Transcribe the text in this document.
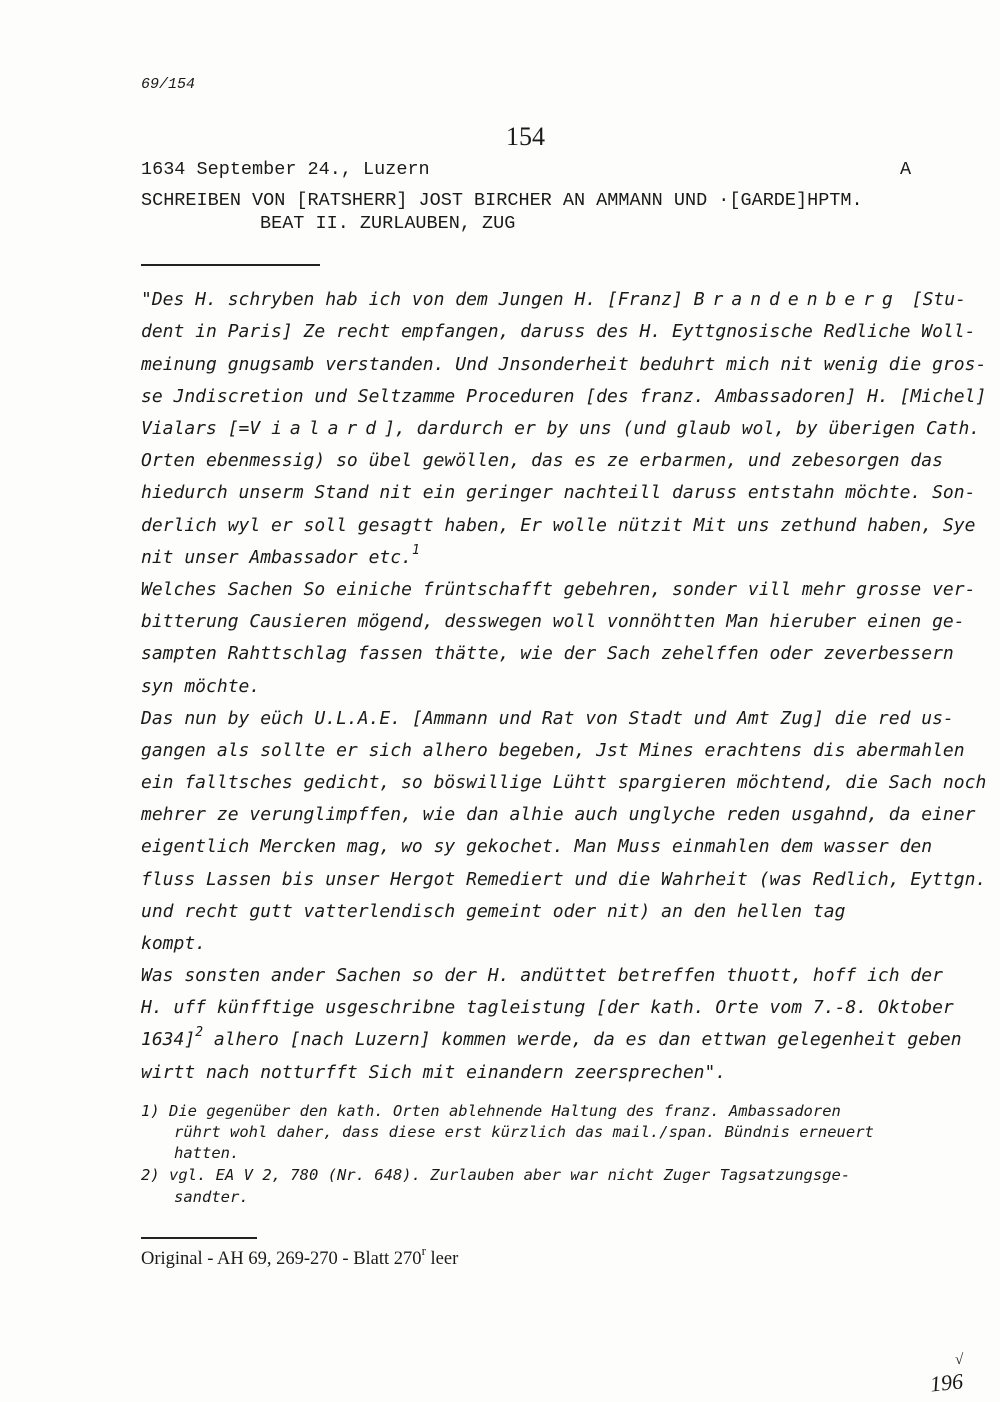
69/154
154
1634 September 24., Luzern	A
SCHREIBEN VON [RATSHERR] JOST BIRCHER AN AMMANN UND ·[GARDE]HPTM.
BEAT II. ZURLAUBEN, ZUG
"Des H. schryben hab ich von dem Jungen H. [Franz] Brandenberg [Stu-
dent in Paris] Ze recht empfangen, daruss des H. Eyttgnosische Redliche Woll-
meinung gnugsamb verstanden. Und Jnsonderheit beduhrt mich nit wenig die gros-
se Jndiscretion und Seltzamme Proceduren [des franz. Ambassadoren] H. [Michel]
Vialars [=V ialard], dardurch er by uns (und glaub wol, by überigen Cath.
Orten ebenmessig) so übel gewöllen, das es ze erbarmen, und zebesorgen das
hiedurch unserm Stand nit ein geringer nachteill daruss entstahn möchte. Son-
derlich wyl er soll gesagtt haben, Er wolle nützit Mit uns zethund haben, Sye
nit unser Ambassador etc.$^1$
Welches Sachen So einiche früntschafft gebehren, sonder vill mehr grosse ver-
bitterung Causieren mögend, desswegen woll vonnöhtten Man hieruber einen ge-
sampten Rahttschlag fassen thätte, wie der Sach zehelffen oder zeverbessern
syn möchte.
Das nun by eüch U.L.A.E. [Ammann und Rat von Stadt und Amt Zug] die red us-
gangen als sollte er sich alhero begeben, Jst Mines erachtens dis abermahlen
ein falltsches gedicht, so böswillige Lühtt spargieren möchtend, die Sach noch
mehrer ze verunglimpffen, wie dan alhie auch unglyche reden usgahnd, da einer
eigentlich Mercken mag, wo sy gekochet. Man Muss einmahlen dem wasser den
fluss Lassen bis unser Hergot Remediert und die Wahrheit (was Redlich, Eyttgn.
und recht gutt vatterlendisch gemeint oder nit) an den hellen tag
kompt.
Was sonsten ander Sachen so der H. andüttet betreffen thuott, hoff ich der
H. uff künfftige usgeschribne tagleistung [der kath. Orte vom 7.-8. Oktober
1634]$^2$ alhero [nach Luzern] kommen werde, da es dan ettwan gelegenheit geben
wirtt nach notturfft Sich mit einandern zeersprechen".
1) Die gegenüber den kath. Orten ablehnende Haltung des franz. Ambassadoren
rührt wohl daher, dass diese erst kürzlich das mail./span. Bündnis erneuert
hatten.
2) vgl. EA V 2, 780 (Nr. 648). Zurlauben aber war nicht Zuger Tagsatzungsge-
sandter.
Original - AH 69, 269-270 - Blatt 270$^r$ leer
√
196
